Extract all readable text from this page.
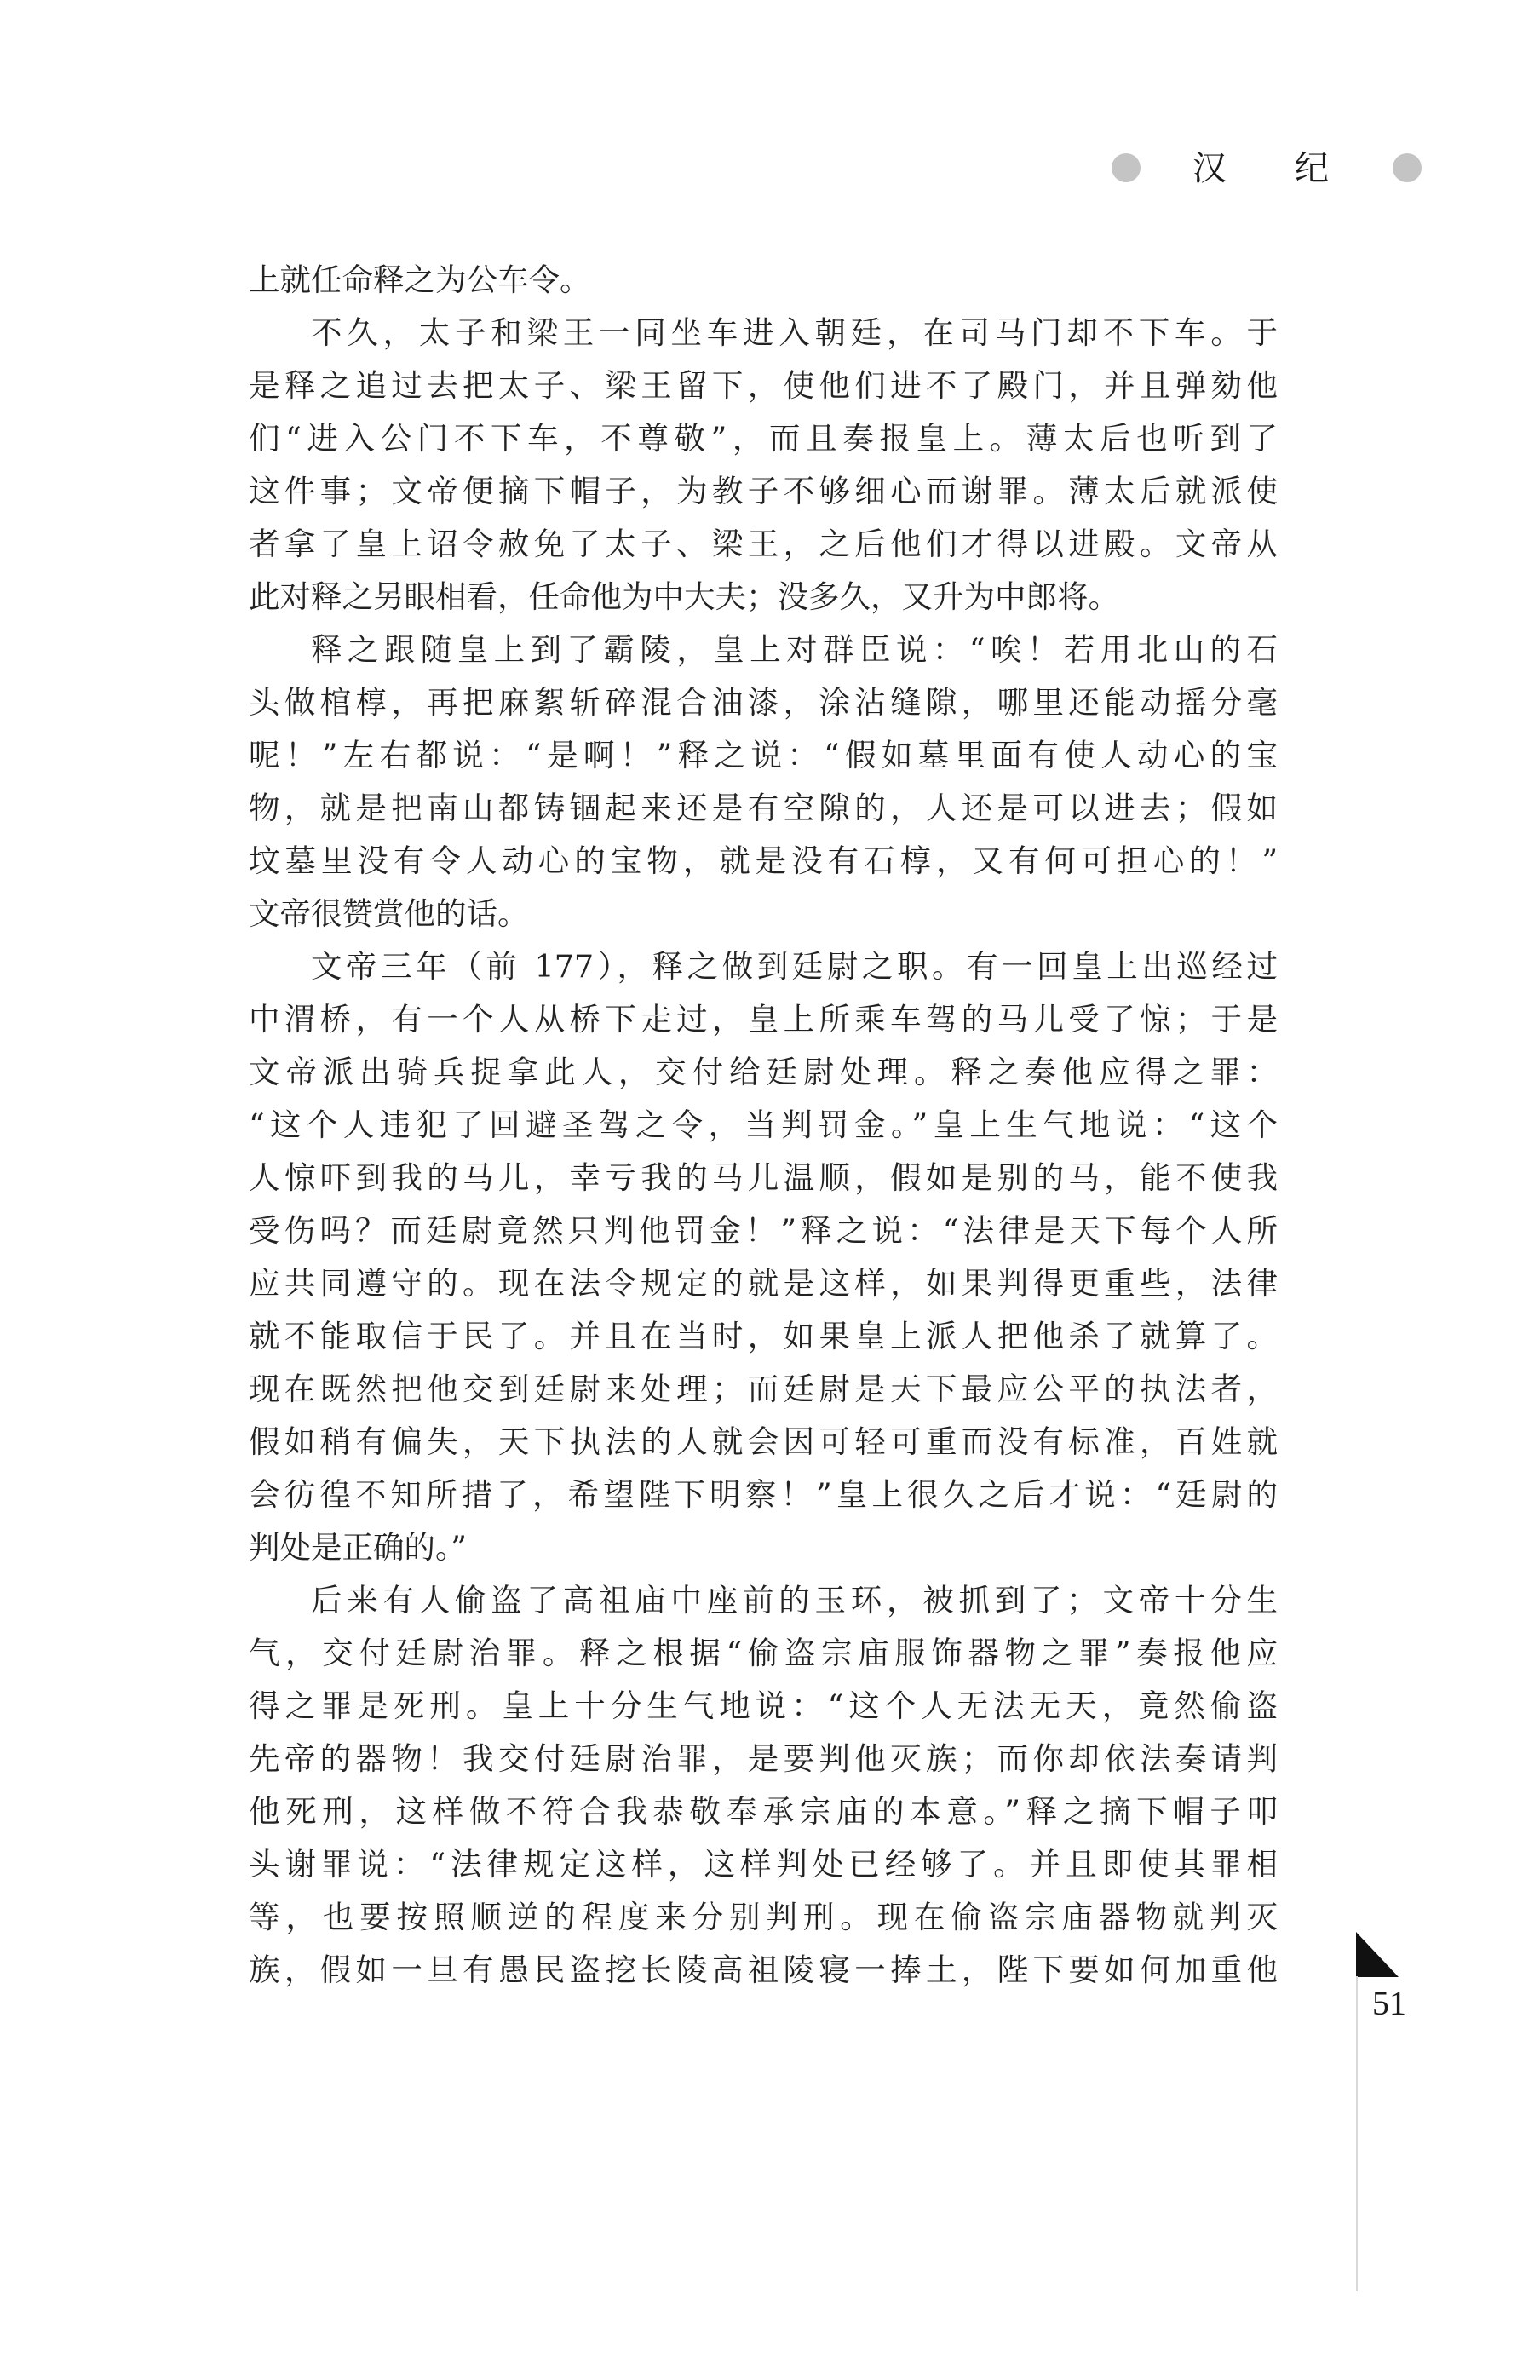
汉 纪

上就任命释之为公车令。

不久，太子和梁王一同坐车进入朝廷，在司马门却不下车。于

是释之追过去把太子、梁王留下，使他们进不了殿门，并且弹劾他

们“进入公门不下车，不尊敬”，而且奏报皇上。薄太后也听到了

这件事；文帝便摘下帽子，为教子不够细心而谢罪。薄太后就派使

者拿了皇上诏令赦免了太子、梁王，之后他们才得以进殿。文帝从

此对释之另眼相看，任命他为中大夫；没多久，又升为中郎将。

释之跟随皇上到了霸陵，皇上对群臣说：“唉！若用北山的石

头做棺椁，再把麻絮斩碎混合油漆，涂沾缝隙，哪里还能动摇分毫

呢！”左右都说：“是啊！”释之说：“假如墓里面有使人动心的宝

物，就是把南山都铸锢起来还是有空隙的，人还是可以进去；假如

坟墓里没有令人动心的宝物，就是没有石椁，又有何可担心的！”

文帝很赞赏他的话。

文帝三年（前 177），释之做到廷尉之职。有一回皇上出巡经过

中渭桥，有一个人从桥下走过，皇上所乘车驾的马儿受了惊；于是

文帝派出骑兵捉拿此人，交付给廷尉处理。释之奏他应得之罪：

“这个人违犯了回避圣驾之令，当判罚金。”皇上生气地说：“这个

人惊吓到我的马儿，幸亏我的马儿温顺，假如是别的马，能不使我

受伤吗？而廷尉竟然只判他罚金！”释之说：“法律是天下每个人所

应共同遵守的。现在法令规定的就是这样，如果判得更重些，法律

就不能取信于民了。并且在当时，如果皇上派人把他杀了就算了。

现在既然把他交到廷尉来处理；而廷尉是天下最应公平的执法者，

假如稍有偏失，天下执法的人就会因可轻可重而没有标准，百姓就

会彷徨不知所措了，希望陛下明察！”皇上很久之后才说：“廷尉的

判处是正确的。”

后来有人偷盗了高祖庙中座前的玉环，被抓到了；文帝十分生

气，交付廷尉治罪。释之根据“偷盗宗庙服饰器物之罪”奏报他应

得之罪是死刑。皇上十分生气地说：“这个人无法无天，竟然偷盗

先帝的器物！我交付廷尉治罪，是要判他灭族；而你却依法奏请判

他死刑，这样做不符合我恭敬奉承宗庙的本意。”释之摘下帽子叩

头谢罪说：“法律规定这样，这样判处已经够了。并且即使其罪相

等，也要按照顺逆的程度来分别判刑。现在偷盗宗庙器物就判灭

族，假如一旦有愚民盗挖长陵高祖陵寝一捧土，陛下要如何加重他

51
